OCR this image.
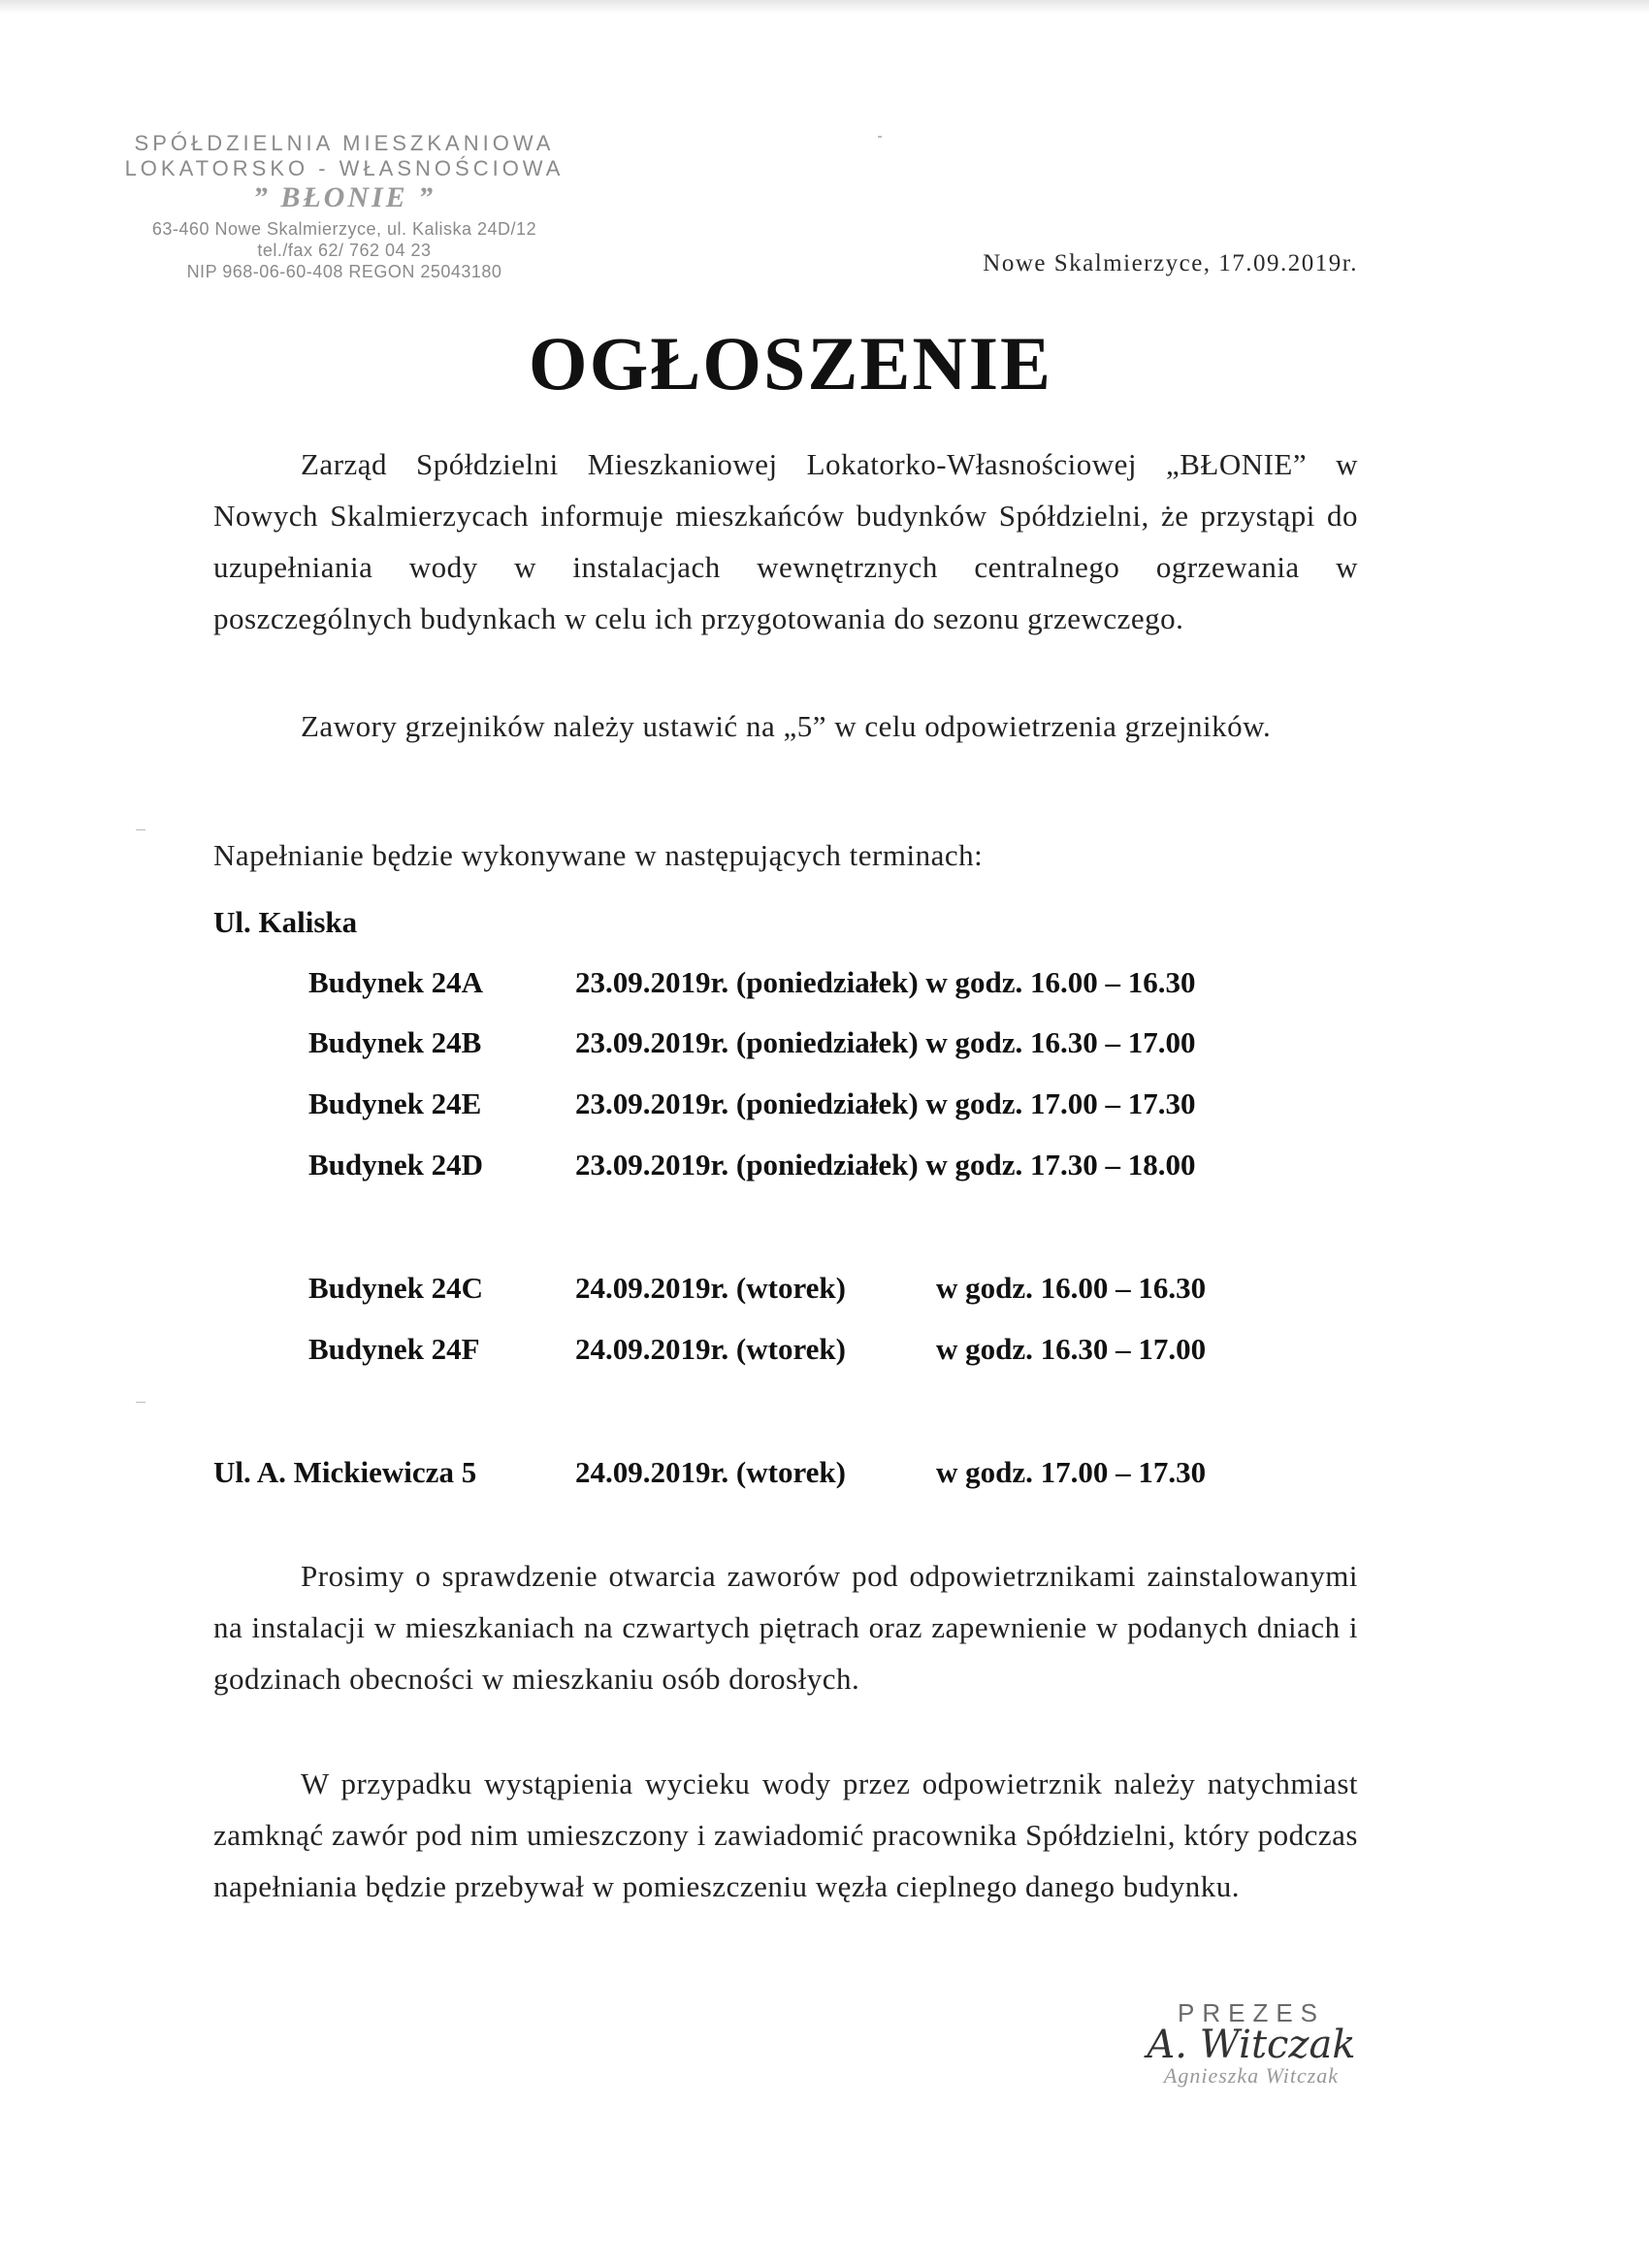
SPÓŁDZIELNIA MIESZKANIOWA
LOKATORSKO - WŁASNOŚCIOWA
” BŁONIE ”
63-460 Nowe Skalmierzyce, ul. Kaliska 24D/12
tel./fax 62/ 762 04 23
NIP 968-06-60-408 REGON 25043180	Nowe Skalmierzyce, 17.09.2019r.
OGŁOSZENIE
Zarząd Spółdzielni Mieszkaniowej Lokatorko-Własnościowej „BŁONIE” w Nowych Skalmierzycach informuje mieszkańców budynków Spółdzielni, że przystąpi do uzupełniania wody w instalacjach wewnętrznych centralnego ogrzewania w poszczególnych budynkach w celu ich przygotowania do sezonu grzewczego.
Zawory grzejników należy ustawić na „5” w celu odpowietrzenia grzejników.
Napełnianie będzie wykonywane w następujących terminach:
Ul. Kaliska
Budynek 24A	23.09.2019r. (poniedziałek) w godz. 16.00 – 16.30
Budynek 24B	23.09.2019r. (poniedziałek) w godz. 16.30 – 17.00
Budynek 24E	23.09.2019r. (poniedziałek) w godz. 17.00 – 17.30
Budynek 24D	23.09.2019r. (poniedziałek) w godz. 17.30 – 18.00
Budynek 24C	24.09.2019r. (wtorek)	w godz. 16.00 – 16.30
Budynek 24F	24.09.2019r. (wtorek)	w godz. 16.30 – 17.00
Ul. A. Mickiewicza 5	24.09.2019r. (wtorek)	w godz. 17.00 – 17.30
Prosimy o sprawdzenie otwarcia zaworów pod odpowietrznikami zainstalowanymi na instalacji w mieszkaniach na czwartych piętrach oraz zapewnienie w podanych dniach i godzinach obecności w mieszkaniu osób dorosłych.
W przypadku wystąpienia wycieku wody przez odpowietrznik należy natychmiast zamknąć zawór pod nim umieszczony i zawiadomić pracownika Spółdzielni, który podczas napełniania będzie przebywał w pomieszczeniu węzła cieplnego danego budynku.
PREZES
A. Witczak
Agnieszka Witczak
